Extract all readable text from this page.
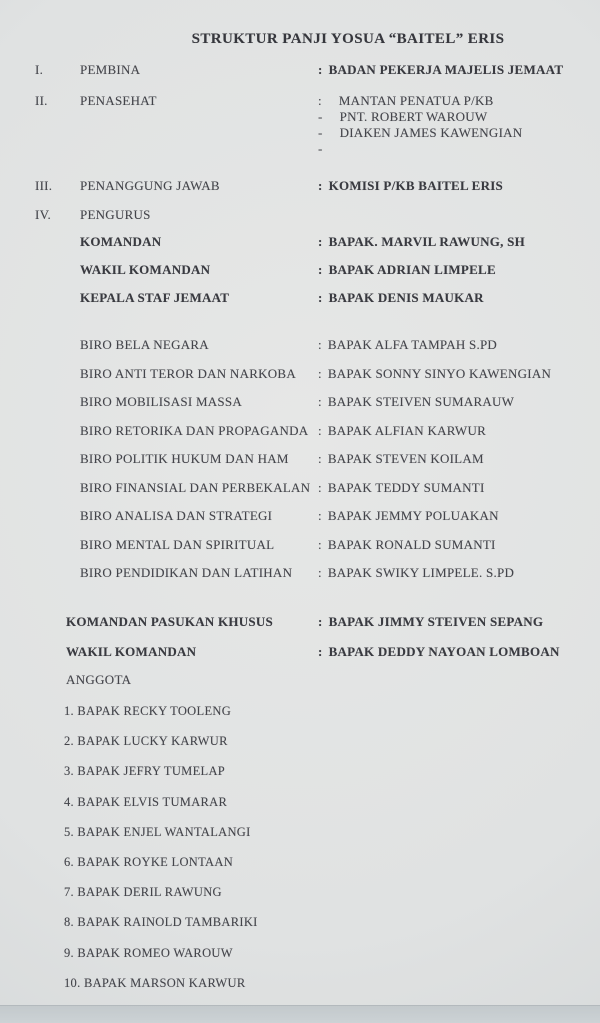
STRUKTUR PANJI YOSUA “BAITEL” ERIS
I.	PEMBINA	: BADAN PEKERJA MAJELIS JEMAAT
II.	PENASEHAT	: MANTAN PENATUA P/KB
- PNT. ROBERT WAROUW
- DIAKEN JAMES KAWENGIAN
-
III.	PENANGGUNG JAWAB	: KOMISI P/KB BAITEL ERIS
IV.	PENGURUS
KOMANDAN	: BAPAK. MARVIL RAWUNG, SH
WAKIL KOMANDAN	: BAPAK ADRIAN LIMPELE
KEPALA STAF JEMAAT	: BAPAK DENIS MAUKAR
BIRO BELA NEGARA	: BAPAK ALFA TAMPAH S.PD
BIRO ANTI TEROR DAN NARKOBA	: BAPAK SONNY SINYO KAWENGIAN
BIRO MOBILISASI MASSA	: BAPAK STEIVEN SUMARAUW
BIRO RETORIKA DAN PROPAGANDA : BAPAK ALFIAN KARWUR
BIRO POLITIK HUKUM DAN HAM	: BAPAK STEVEN KOILAM
BIRO FINANSIAL DAN PERBEKALAN : BAPAK TEDDY SUMANTI
BIRO ANALISA DAN STRATEGI	: BAPAK JEMMY POLUAKAN
BIRO MENTAL DAN SPIRITUAL	: BAPAK RONALD SUMANTI
BIRO PENDIDIKAN DAN LATIHAN	: BAPAK SWIKY LIMPELE. S.PD
KOMANDAN PASUKAN KHUSUS	: BAPAK JIMMY STEIVEN SEPANG
WAKIL KOMANDAN	: BAPAK DEDDY NAYOAN LOMBOAN
ANGGOTA
1. BAPAK RECKY TOOLENG
2. BAPAK LUCKY KARWUR
3. BAPAK JEFRY TUMELAP
4. BAPAK ELVIS TUMARAR
5. BAPAK ENJEL WANTALANGI
6. BAPAK ROYKE LONTAAN
7. BAPAK DERIL RAWUNG
8. BAPAK RAINOLD TAMBARIKI
9. BAPAK ROMEO WAROUW
10. BAPAK MARSON KARWUR
